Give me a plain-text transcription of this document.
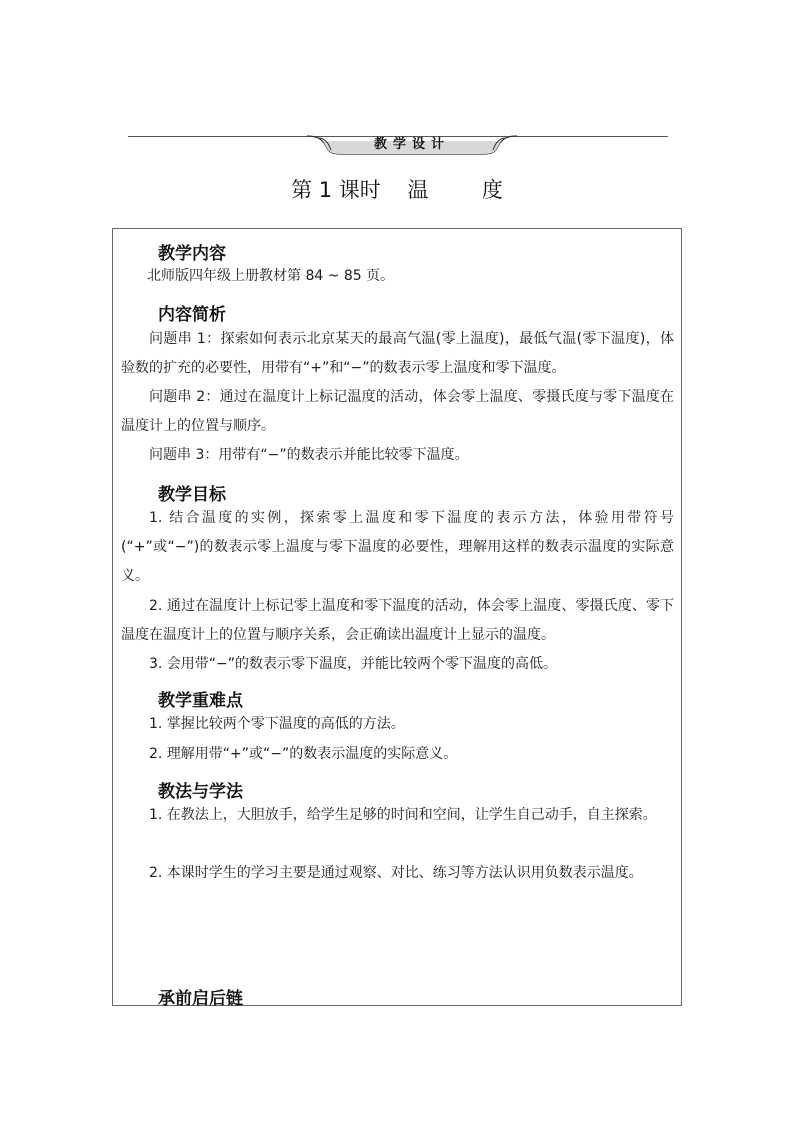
教学设计
第 1 课时    温        度
教学内容

北师版四年级上册教材第 84 ~ 85 页。

内容简析

问题串 1：探索如何表示北京某天的最高气温(零上温度)，最低气温(零下温度)，体验数的扩充的必要性，用带有“+”和“−”的数表示零上温度和零下温度。

问题串 2：通过在温度计上标记温度的活动，体会零上温度、零摄氏度与零下温度在温度计上的位置与顺序。

问题串 3：用带有“−”的数表示并能比较零下温度。

教学目标

1. 结合温度的实例，探索零上温度和零下温度的表示方法，体验用带符号(“+”或“−”)的数表示零上温度与零下温度的必要性，理解用这样的数表示温度的实际意义。

2. 通过在温度计上标记零上温度和零下温度的活动，体会零上温度、零摄氏度、零下温度在温度计上的位置与顺序关系，会正确读出温度计上显示的温度。

3. 会用带“−”的数表示零下温度，并能比较两个零下温度的高低。

教学重难点

1. 掌握比较两个零下温度的高低的方法。

2. 理解用带“+”或“−”的数表示温度的实际意义。

教法与学法

1. 在教法上，大胆放手，给学生足够的时间和空间，让学生自己动手，自主探索。

2. 本课时学生的学习主要是通过观察、对比、练习等方法认识用负数表示温度。

承前启后链
